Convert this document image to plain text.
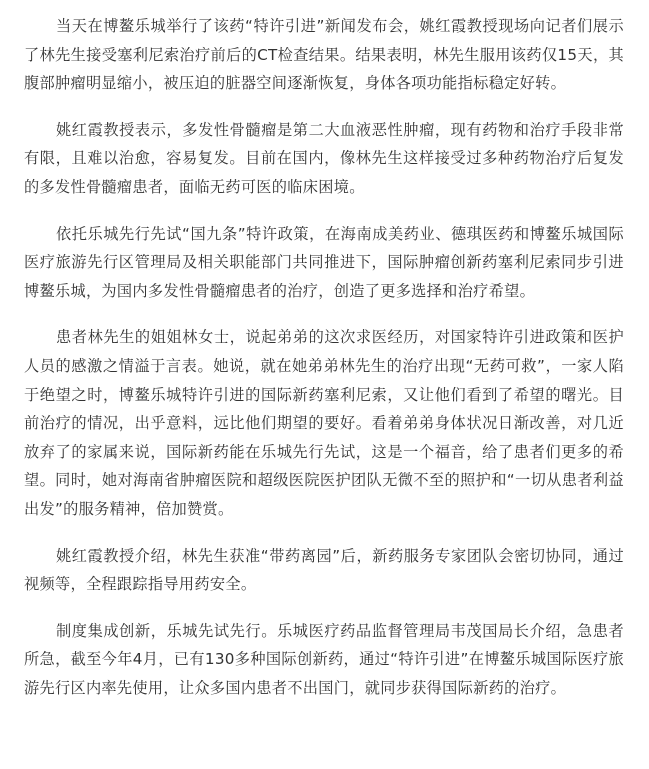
当天在博鳌乐城举行了该药“特许引进”新闻发布会，姚红霞教授现场向记者们展示了林先生接受塞利尼索治疗前后的CT检查结果。结果表明，林先生服用该药仅15天，其腹部肿瘤明显缩小，被压迫的脏器空间逐渐恢复，身体各项功能指标稳定好转。

姚红霞教授表示，多发性骨髓瘤是第二大血液恶性肿瘤，现有药物和治疗手段非常有限，且难以治愈，容易复发。目前在国内，像林先生这样接受过多种药物治疗后复发的多发性骨髓瘤患者，面临无药可医的临床困境。

依托乐城先行先试“国九条”特许政策，在海南成美药业、德琪医药和博鳌乐城国际医疗旅游先行区管理局及相关职能部门共同推进下，国际肿瘤创新药塞利尼索同步引进博鳌乐城，为国内多发性骨髓瘤患者的治疗，创造了更多选择和治疗希望。

患者林先生的姐姐林女士，说起弟弟的这次求医经历，对国家特许引进政策和医护人员的感激之情溢于言表。她说，就在她弟弟林先生的治疗出现“无药可救”，一家人陷于绝望之时，博鳌乐城特许引进的国际新药塞利尼索，又让他们看到了希望的曙光。目前治疗的情况，出乎意料，远比他们期望的要好。看着弟弟身体状况日渐改善，对几近放弃了的家属来说，国际新药能在乐城先行先试，这是一个福音，给了患者们更多的希望。同时，她对海南省肿瘤医院和超级医院医护团队无微不至的照护和“一切从患者利益出发”的服务精神，倍加赞赏。

姚红霞教授介绍，林先生获准“带药离园”后，新药服务专家团队会密切协同，通过视频等，全程跟踪指导用药安全。

制度集成创新，乐城先试先行。乐城医疗药品监督管理局韦茂国局长介绍，急患者所急，截至今年4月，已有130多种国际创新药，通过“特许引进”在博鳌乐城国际医疗旅游先行区内率先使用，让众多国内患者不出国门，就同步获得国际新药的治疗。
